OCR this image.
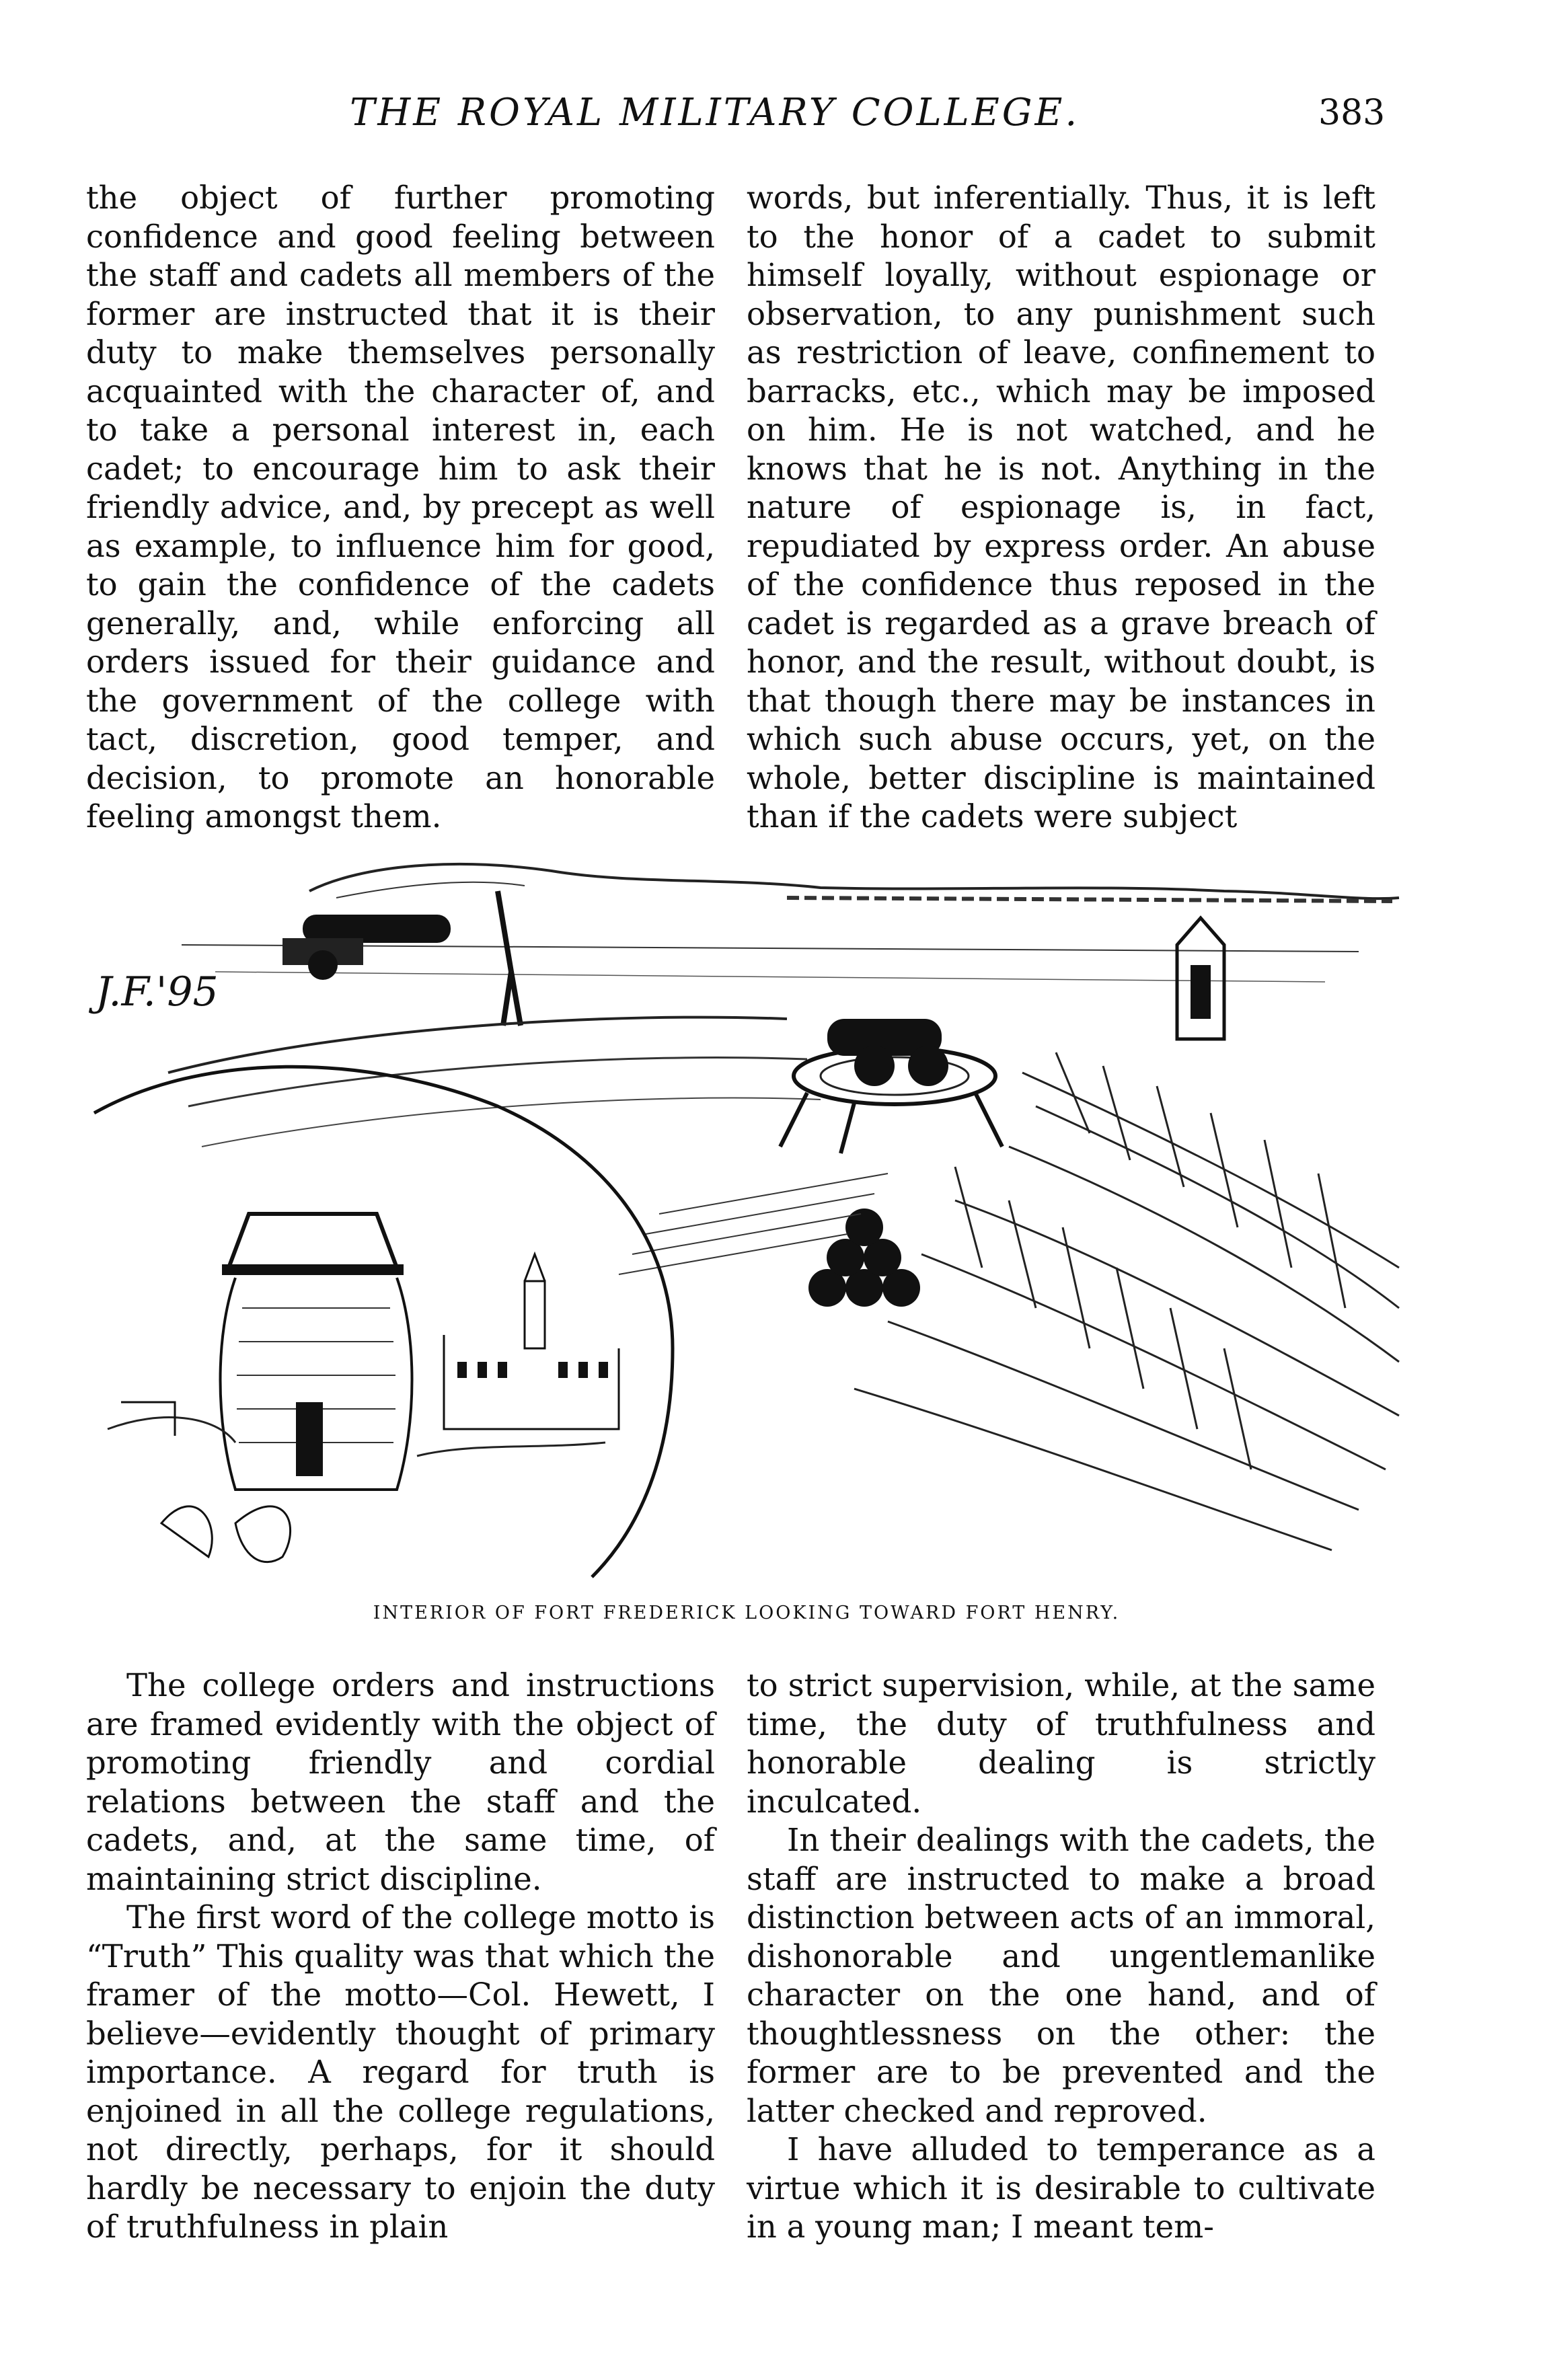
THE ROYAL MILITARY COLLEGE.	383

the object of further promoting confidence and good feeling between the staff and cadets all members of the former are instructed that it is their duty to make themselves personally acquainted with the character of, and to take a personal interest in, each cadet; to encourage him to ask their friendly advice, and, by precept as well as example, to influence him for good, to gain the confidence of the cadets generally, and, while enforcing all orders issued for their guidance and the government of the college with tact, discretion, good temper, and decision, to promote an honorable feeling amongst them.

words, but inferentially. Thus, it is left to the honor of a cadet to submit himself loyally, without espionage or observation, to any punishment such as restriction of leave, confinement to barracks, etc., which may be imposed on him. He is not watched, and he knows that he is not. Anything in the nature of espionage is, in fact, repudiated by express order. An abuse of the confidence thus reposed in the cadet is regarded as a grave breach of honor, and the result, without doubt, is that though there may be instances in which such abuse occurs, yet, on the whole, better discipline is maintained than if the cadets were subject

J.F.'95
INTERIOR OF FORT FREDERICK LOOKING TOWARD FORT HENRY.

The college orders and instructions are framed evidently with the object of promoting friendly and cordial relations between the staff and the cadets, and, at the same time, of maintaining strict discipline.

The first word of the college motto is “Truth” This quality was that which the framer of the motto—Col. Hewett, I believe—evidently thought of primary importance. A regard for truth is enjoined in all the college regulations, not directly, perhaps, for it should hardly be necessary to enjoin the duty of truthfulness in plain

to strict supervision, while, at the same time, the duty of truthfulness and honorable dealing is strictly inculcated.

In their dealings with the cadets, the staff are instructed to make a broad distinction between acts of an immoral, dishonorable and ungentlemanlike character on the one hand, and of thoughtlessness on the other: the former are to be prevented and the latter checked and reproved.

I have alluded to temperance as a virtue which it is desirable to cultivate in a young man; I meant tem-
